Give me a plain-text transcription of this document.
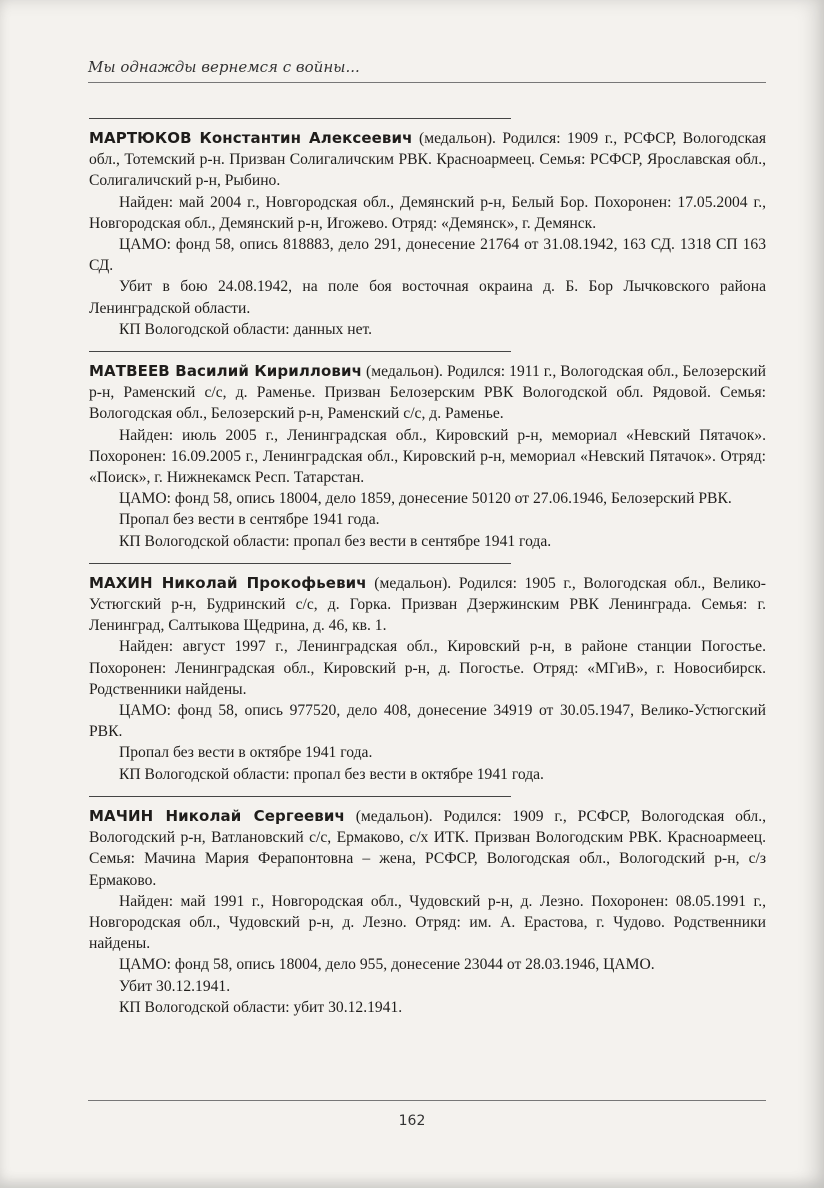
Мы однажды вернемся с войны...

МАРТЮКОВ Константин Алексеевич (медальон). Родился: 1909 г., РСФСР, Вологодская обл., Тотемский р-н. Призван Солигаличским РВК. Красноармеец. Семья: РСФСР, Ярославская обл., Солигаличский р-н, Рыбино.

Найден: май 2004 г., Новгородская обл., Демянский р-н, Белый Бор. Похоронен: 17.05.2004 г., Новгородская обл., Демянский р-н, Игожево. Отряд: «Демянск», г. Демянск.

ЦАМО: фонд 58, опись 818883, дело 291, донесение 21764 от 31.08.1942, 163 СД. 1318 СП 163 СД.

Убит в бою 24.08.1942, на поле боя восточная окраина д. Б. Бор Лычковского района Ленинградской области.

КП Вологодской области: данных нет.

МАТВЕЕВ Василий Кириллович (медальон). Родился: 1911 г., Вологодская обл., Белозерский р-н, Раменский с/с, д. Раменье. Призван Белозерским РВК Вологодской обл. Рядовой. Семья: Вологодская обл., Белозерский р-н, Раменский с/с, д. Раменье.

Найден: июль 2005 г., Ленинградская обл., Кировский р-н, мемориал «Невский Пятачок». Похоронен: 16.09.2005 г., Ленинградская обл., Кировский р-н, мемориал «Невский Пятачок». Отряд: «Поиск», г. Нижнекамск Респ. Татарстан.

ЦАМО: фонд 58, опись 18004, дело 1859, донесение 50120 от 27.06.1946, Белозерский РВК.

Пропал без вести в сентябре 1941 года.

КП Вологодской области: пропал без вести в сентябре 1941 года.

МАХИН Николай Прокофьевич (медальон). Родился: 1905 г., Вологодская обл., Велико-Устюгский р-н, Будринский с/с, д. Горка. Призван Дзержинским РВК Ленинграда. Семья: г. Ленинград, Салтыкова Щедрина, д. 46, кв. 1.

Найден: август 1997 г., Ленинградская обл., Кировский р-н, в районе станции Погостье. Похоронен: Ленинградская обл., Кировский р-н, д. Погостье. Отряд: «МГиВ», г. Новосибирск. Родственники найдены.

ЦАМО: фонд 58, опись 977520, дело 408, донесение 34919 от 30.05.1947, Велико-Устюгский РВК.

Пропал без вести в октябре 1941 года.

КП Вологодской области: пропал без вести в октябре 1941 года.

МАЧИН Николай Сергеевич (медальон). Родился: 1909 г., РСФСР, Вологодская обл., Вологодский р-н, Ватлановский с/с, Ермаково, с/х ИТК. Призван Вологодским РВК. Красноармеец. Семья: Мачина Мария Ферапонтовна – жена, РСФСР, Вологодская обл., Вологодский р-н, с/з Ермаково.

Найден: май 1991 г., Новгородская обл., Чудовский р-н, д. Лезно. Похоронен: 08.05.1991 г., Новгородская обл., Чудовский р-н, д. Лезно. Отряд: им. А. Ерастова, г. Чудово. Родственники найдены.

ЦАМО: фонд 58, опись 18004, дело 955, донесение 23044 от 28.03.1946, ЦАМО.

Убит 30.12.1941.

КП Вологодской области: убит 30.12.1941.

162
